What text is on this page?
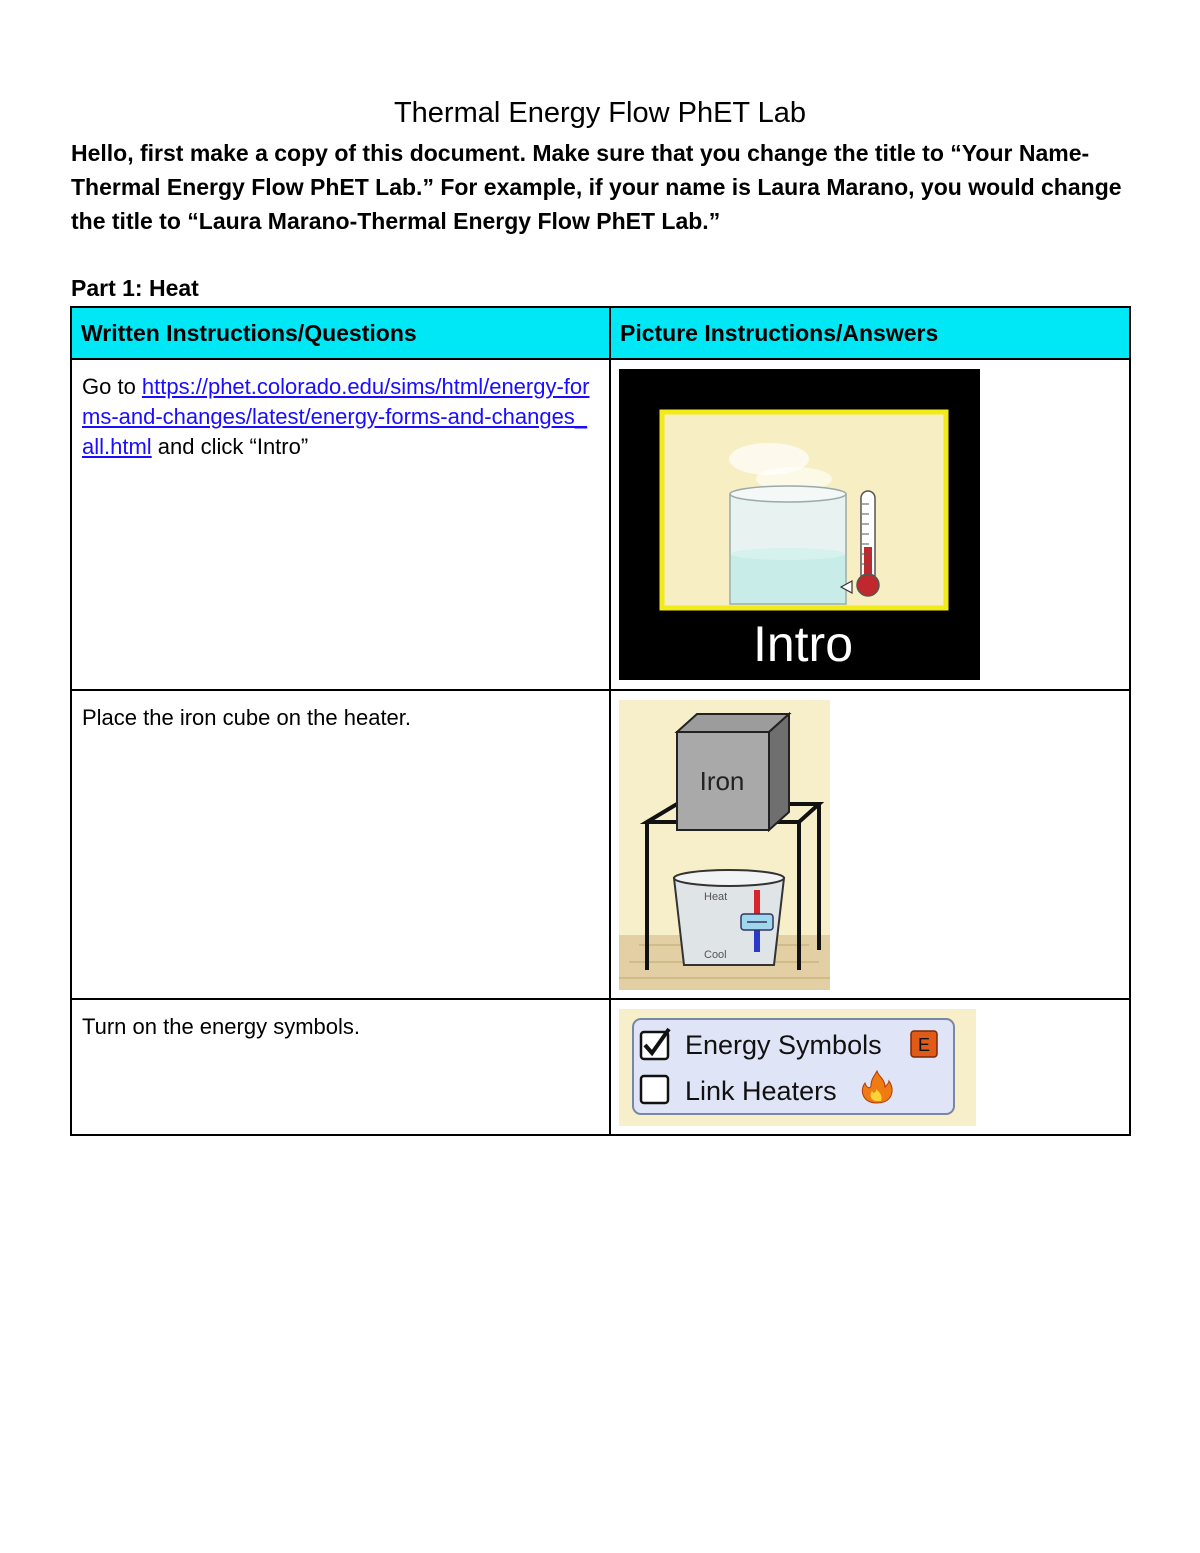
Thermal Energy Flow PhET Lab
Hello, first make a copy of this document. Make sure that you change the title to “Your Name-Thermal Energy Flow PhET Lab.” For example, if your name is Laura Marano, you would change the title to “Laura Marano-Thermal Energy Flow PhET Lab.”
Part 1: Heat
Written Instructions/Questions	Picture Instructions/Answers

Go to https://phet.colorado.edu/sims/html/energy-forms-and-changes/latest/energy-forms-and-changes_all.html and click “Intro”	Intro

Place the iron cube on the heater.	Iron
Heat
Cool

Turn on the energy symbols.	Energy Symbols E
Link Heaters
